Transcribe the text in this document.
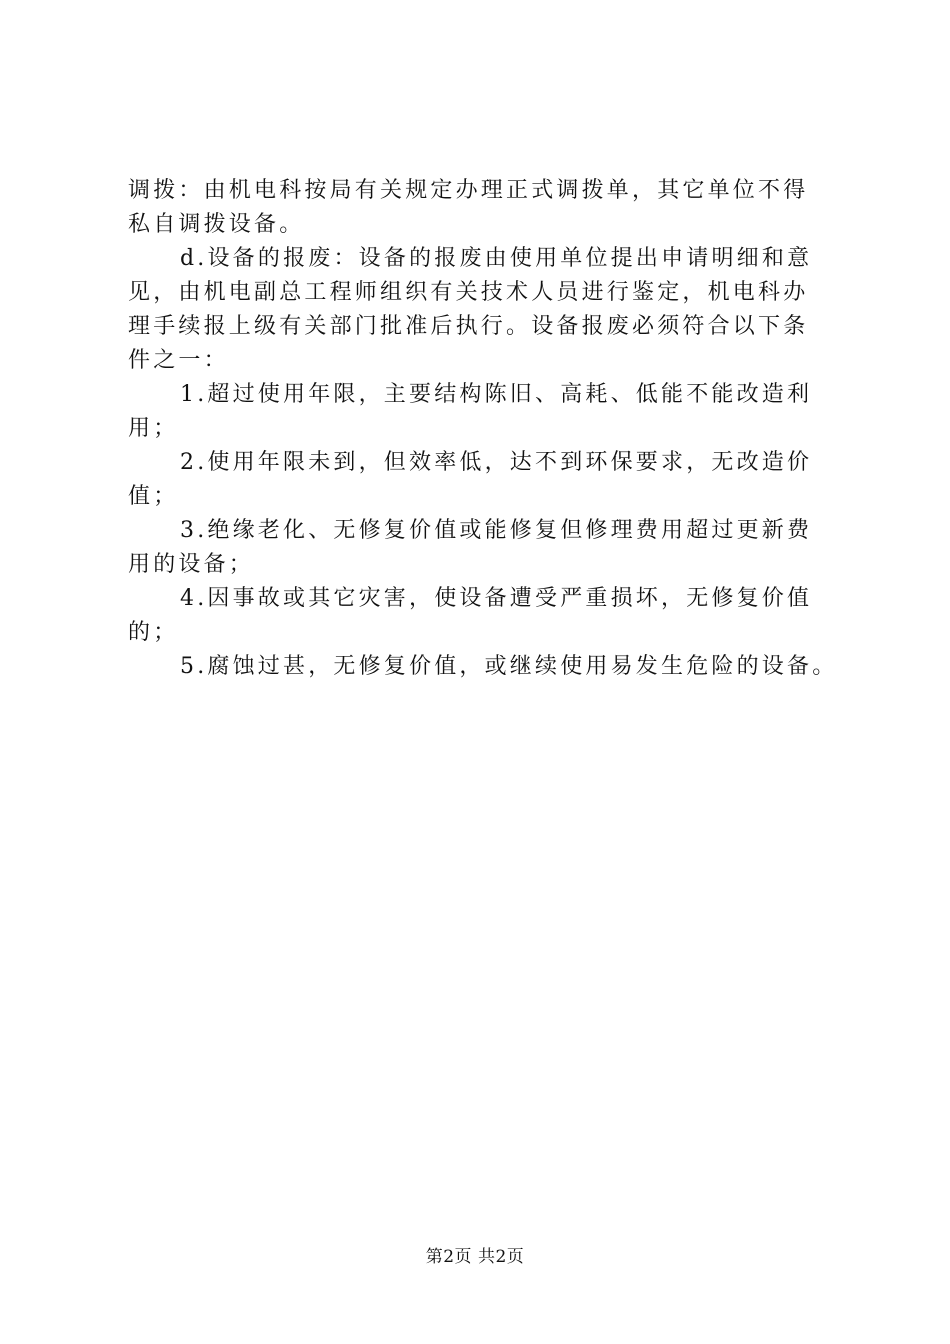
调拨：由机电科按局有关规定办理正式调拨单，其它单位不得
私自调拨设备。
d.设备的报废：设备的报废由使用单位提出申请明细和意
见，由机电副总工程师组织有关技术人员进行鉴定，机电科办
理手续报上级有关部门批准后执行。设备报废必须符合以下条
件之一：
1.超过使用年限，主要结构陈旧、高耗、低能不能改造利
用；
2.使用年限未到，但效率低，达不到环保要求，无改造价
值；
3.绝缘老化、无修复价值或能修复但修理费用超过更新费
用的设备；
4.因事故或其它灾害，使设备遭受严重损坏，无修复价值
的；
5.腐蚀过甚，无修复价值，或继续使用易发生危险的设备。
第2页 共2页
